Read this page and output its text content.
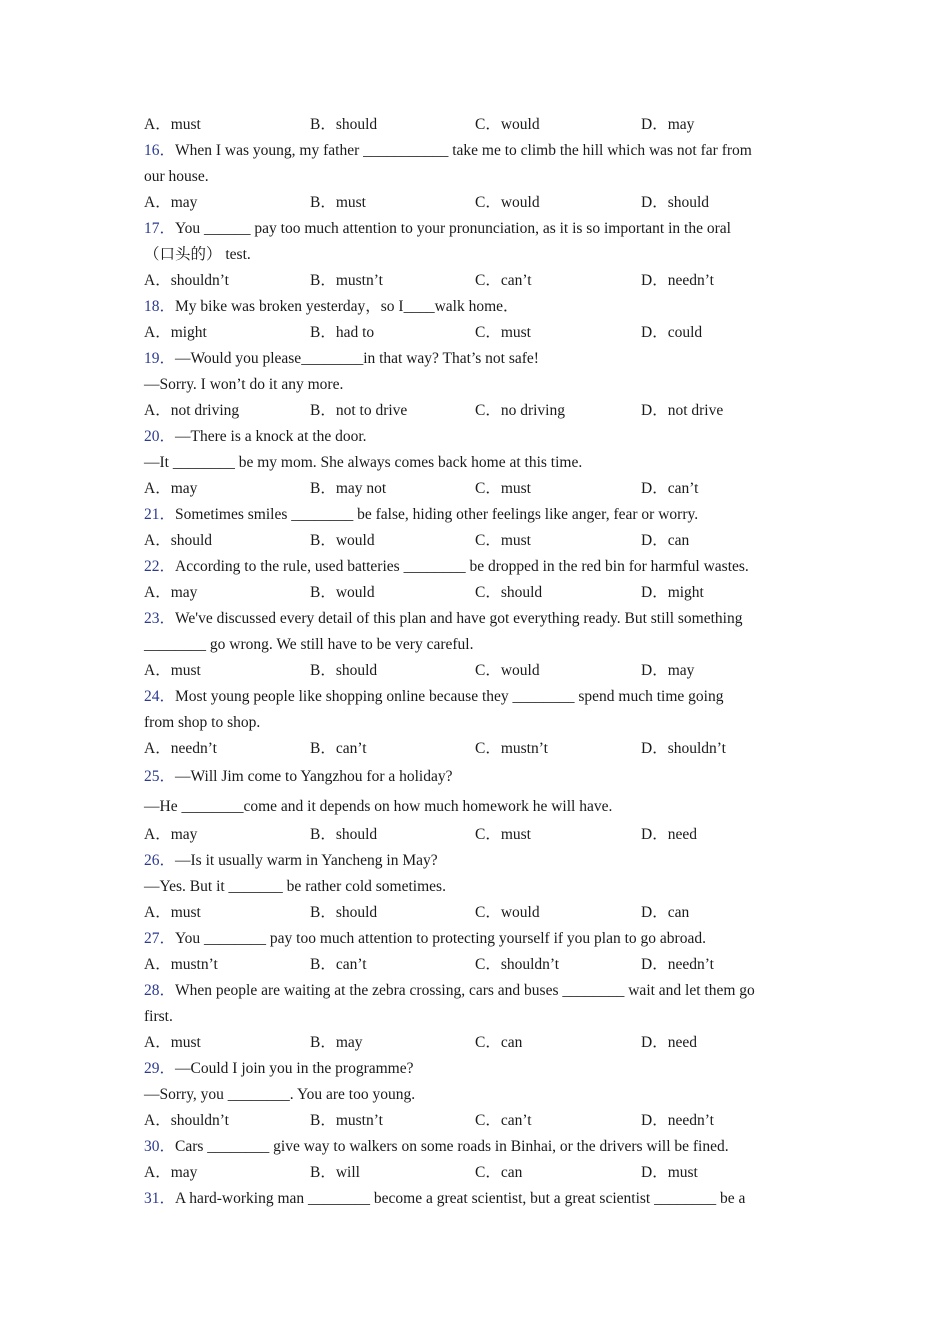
A．must	B．should	C．would	D．may
16．When I was young, my father ___________ take me to climb the hill which was not far from
our house.
A．may	B．must	C．would	D．should
17．You ______ pay too much attention to your pronunciation, as it is so important in the oral
（口头的） test.
A．shouldn’t	B．mustn’t	C．can’t	D．needn’t
18．My bike was broken yesterday，so I____walk home．
A．might	B．had to	C．must	D．could
19．—Would you please________in that way? That’s not safe!
—Sorry. I won’t do it any more.
A．not driving	B．not to drive	C．no driving	D．not drive
20．—There is a knock at the door.
—It ________ be my mom. She always comes back home at this time.
A．may	B．may not	C．must	D．can’t
21．Sometimes smiles ________ be false, hiding other feelings like anger, fear or worry.
A．should	B．would	C．must	D．can
22．According to the rule, used batteries ________ be dropped in the red bin for harmful wastes.
A．may	B．would	C．should	D．might
23．We've discussed every detail of this plan and have got everything ready. But still something
________ go wrong. We still have to be very careful.
A．must	B．should	C．would	D．may
24．Most young people like shopping online because they ________ spend much time going
from shop to shop.
A．needn’t	B．can’t	C．mustn’t	D．shouldn’t
25．—Will Jim come to Yangzhou for a holiday?
—He ________come and it depends on how much homework he will have.
A．may	B．should	C．must	D．need
26．—Is it usually warm in Yancheng in May?
—Yes. But it _______ be rather cold sometimes.
A．must	B．should	C．would	D．can
27．You ________ pay too much attention to protecting yourself if you plan to go abroad.
A．mustn’t	B．can’t	C．shouldn’t	D．needn’t
28．When people are waiting at the zebra crossing, cars and buses ________ wait and let them go
first.
A．must	B．may	C．can	D．need
29．—Could I join you in the programme?
—Sorry, you ________. You are too young.
A．shouldn’t	B．mustn’t	C．can’t	D．needn’t
30．Cars ________ give way to walkers on some roads in Binhai, or the drivers will be fined.
A．may	B．will	C．can	D．must
31．A hard-working man ________ become a great scientist, but a great scientist ________ be a
